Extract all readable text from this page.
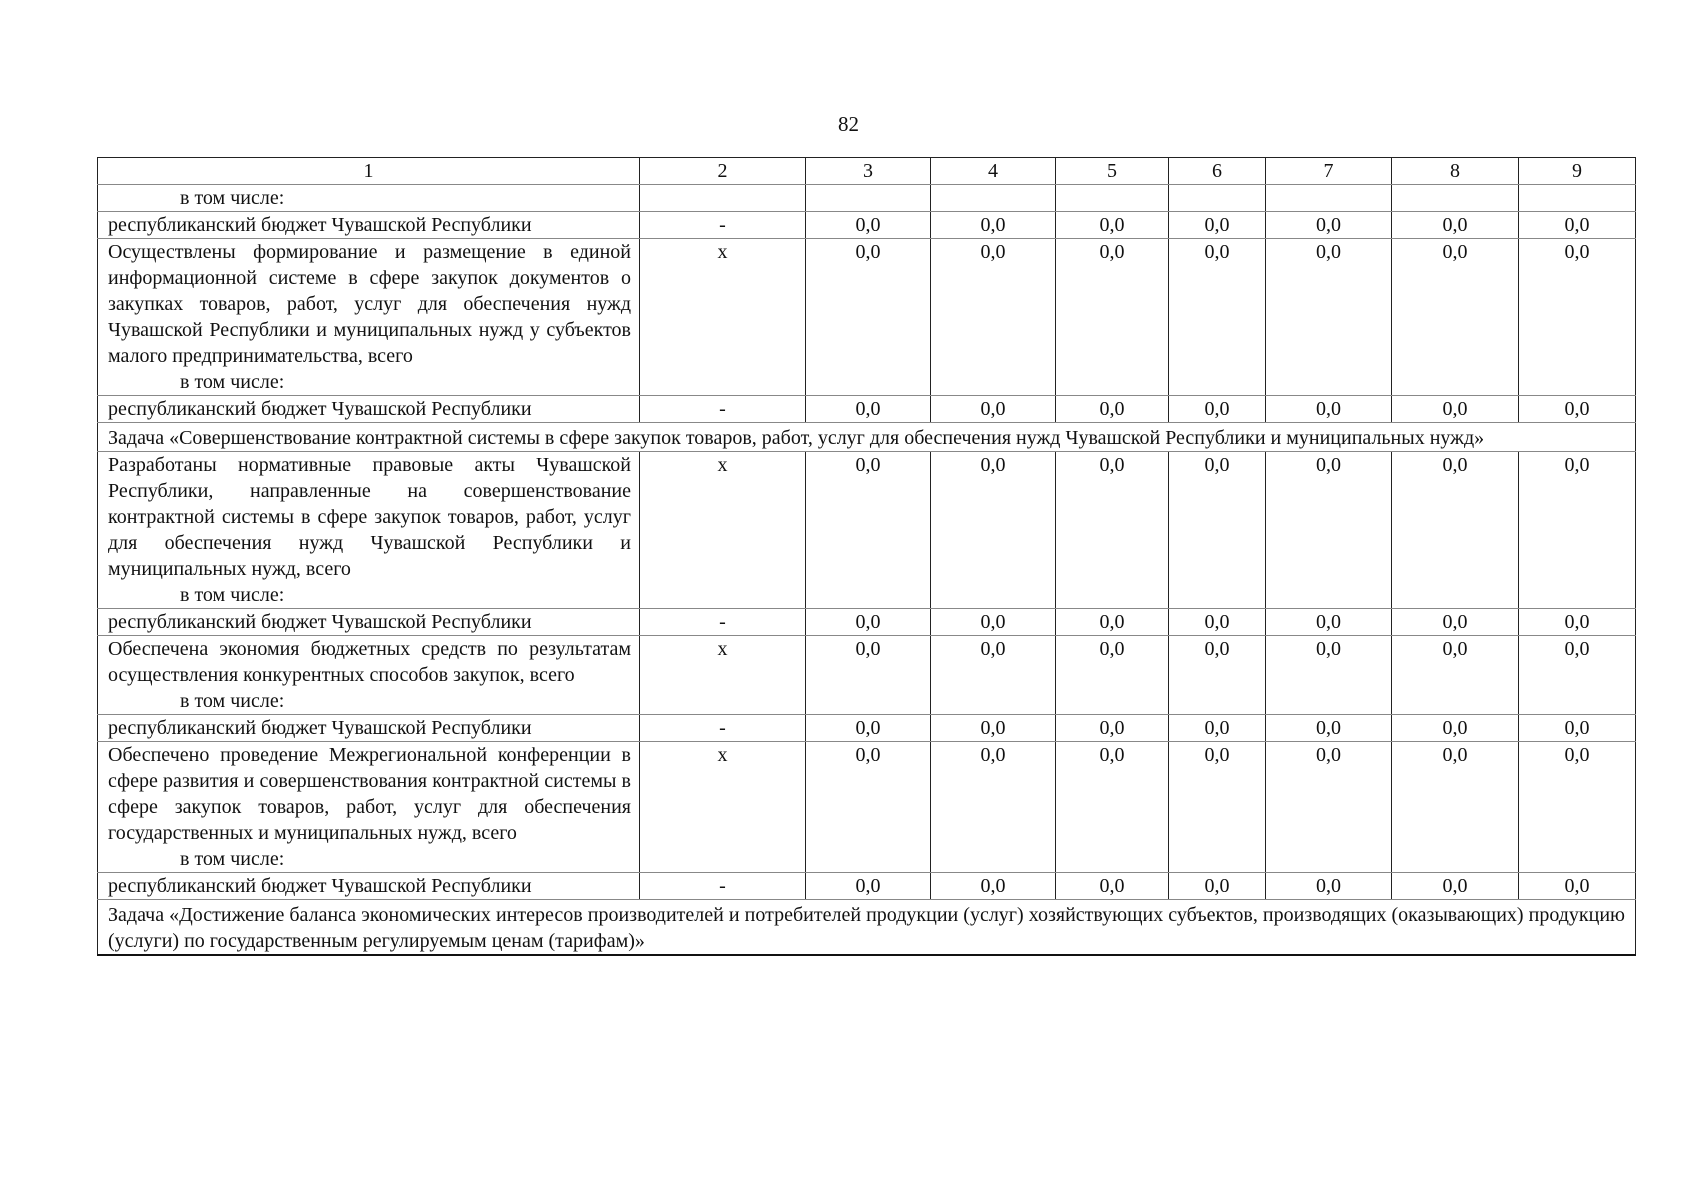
82
1	2	3	4	5	6	7	8	9

в том числе:								

республиканский бюджет Чувашской Республики	-	0,0	0,0	0,0	0,0	0,0	0,0	0,0

Осуществлены формирование и размещение в единой информационной системе в сфере закупок документов о закупках товаров, работ, услуг для обеспечения нужд Чувашской Республики и муниципальных нужд у субъектов малого предпринимательства, всего
в том числе:	х	0,0	0,0	0,0	0,0	0,0	0,0	0,0

республиканский бюджет Чувашской Республики	-	0,0	0,0	0,0	0,0	0,0	0,0	0,0
Задача «Совершенствование контрактной системы в сфере закупок товаров, работ, услуг для обеспечения нужд Чувашской Республики и муниципальных нужд»								

Разработаны нормативные правовые акты Чувашской Республики, направленные на совершенствование контрактной системы в сфере закупок товаров, работ, услуг для обеспечения нужд Чувашской Республики и муниципальных нужд, всего
в том числе:	х	0,0	0,0	0,0	0,0	0,0	0,0	0,0

республиканский бюджет Чувашской Республики	-	0,0	0,0	0,0	0,0	0,0	0,0	0,0

Обеспечена экономия бюджетных средств по результатам осуществления конкурентных способов закупок, всего
в том числе:	х	0,0	0,0	0,0	0,0	0,0	0,0	0,0

республиканский бюджет Чувашской Республики	-	0,0	0,0	0,0	0,0	0,0	0,0	0,0

Обеспечено проведение Межрегиональной конференции в сфере развития и совершенствования контрактной системы в сфере закупок товаров, работ, услуг для обеспечения государственных и муниципальных нужд, всего
в том числе:	х	0,0	0,0	0,0	0,0	0,0	0,0	0,0

республиканский бюджет Чувашской Республики	-	0,0	0,0	0,0	0,0	0,0	0,0	0,0
Задача «Достижение баланса экономических интересов производителей и потребителей продукции (услуг) хозяйствующих субъектов, производящих (оказывающих) продукцию (услуги) по государственным регулируемым ценам (тарифам)»								
